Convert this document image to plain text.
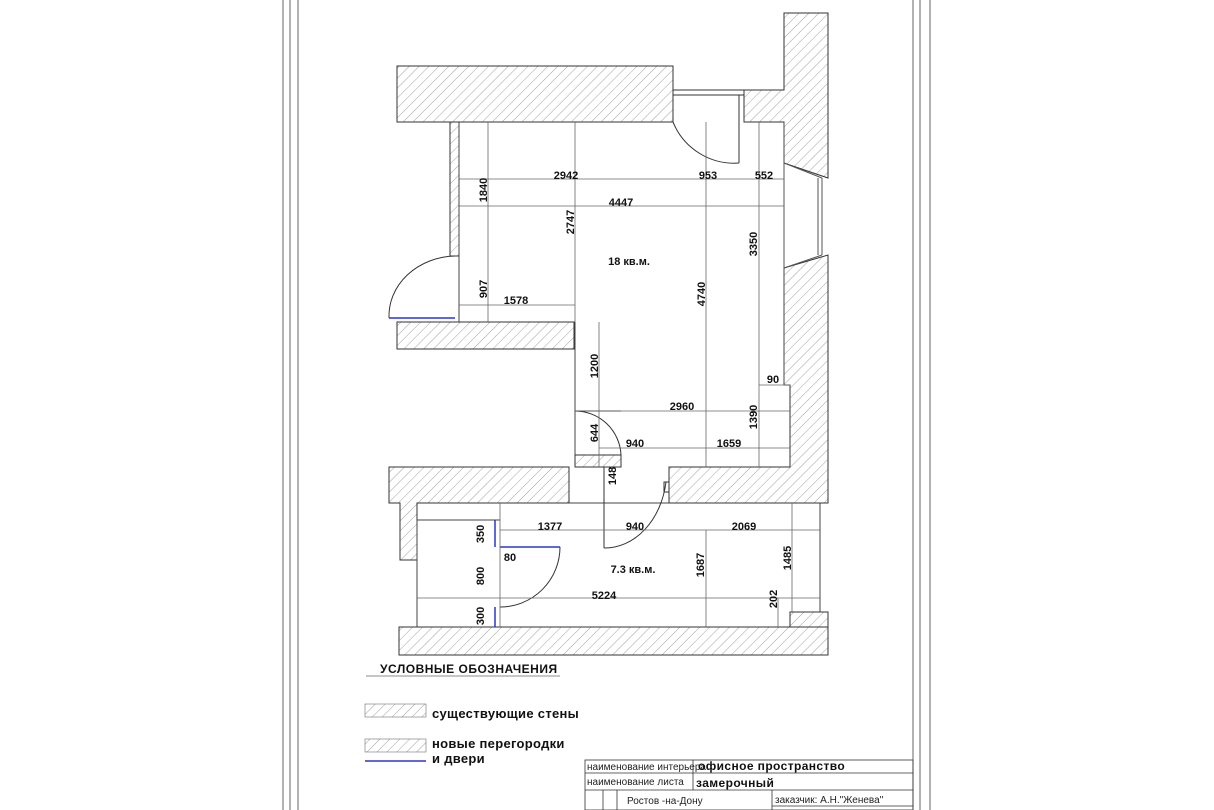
2942	953	552
4447
1840
2747
3350
18 кв.м.
907
1578	4740
1200
90
2960	1390
644
940	1659
148
1377	940	2069
350
80
7.3 кв.м.
800	1687	1485
5224	202
300
УСЛОВНЫЕ ОБОЗНАЧЕНИЯ
существующие стены
новые перегородки
и двери
наименование интерьера
офисное пространство
наименование листа замерочный
Ростов -на-Дону	заказчик: А.Н."Женева"
